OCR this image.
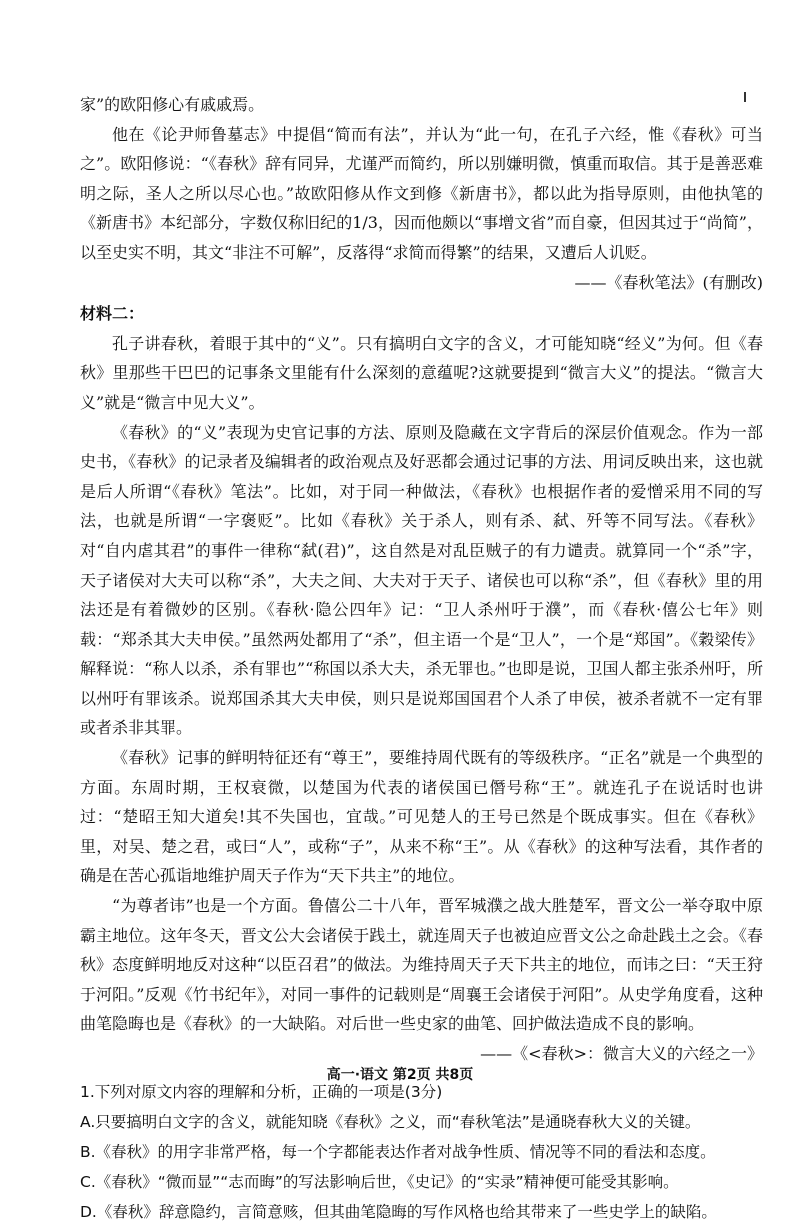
家”的欧阳修心有戚戚焉。

他在《论尹师鲁墓志》中提倡“简而有法”，并认为“此一句，在孔子六经，惟《春秋》可当之”。欧阳修说：“《春秋》辞有同异，尤谨严而简约，所以别嫌明微，慎重而取信。其于是善恶难明之际，圣人之所以尽心也。”故欧阳修从作文到修《新唐书》，都以此为指导原则，由他执笔的《新唐书》本纪部分，字数仅称旧纪的1/3，因而他颇以“事增文省”而自豪，但因其过于“尚简”，以至史实不明，其文“非注不可解”，反落得“求简而得繁”的结果，又遭后人讥贬。

——《春秋笔法》(有删改)

材料二：

孔子讲春秋，着眼于其中的“义”。只有搞明白文字的含义，才可能知晓“经义”为何。但《春秋》里那些干巴巴的记事条文里能有什么深刻的意蕴呢?这就要提到“微言大义”的提法。“微言大义”就是“微言中见大义”。

《春秋》的“义”表现为史官记事的方法、原则及隐藏在文字背后的深层价值观念。作为一部史书，《春秋》的记录者及编辑者的政治观点及好恶都会通过记事的方法、用词反映出来，这也就是后人所谓“《春秋》笔法”。比如，对于同一种做法，《春秋》也根据作者的爱憎采用不同的写法，也就是所谓“一字褒贬”。比如《春秋》关于杀人，则有杀、弑、歼等不同写法。《春秋》对“自内虐其君”的事件一律称“弑(君)”，这自然是对乱臣贼子的有力谴责。就算同一个“杀”字，天子诸侯对大夫可以称“杀”，大夫之间、大夫对于天子、诸侯也可以称“杀”，但《春秋》里的用法还是有着微妙的区别。《春秋·隐公四年》记：“卫人杀州吁于濮”，而《春秋·僖公七年》则载：“郑杀其大夫申侯。”虽然两处都用了“杀”，但主语一个是“卫人”，一个是“郑国”。《穀梁传》解释说：“称人以杀，杀有罪也”“称国以杀大夫，杀无罪也。”也即是说，卫国人都主张杀州吁，所以州吁有罪该杀。说郑国杀其大夫申侯，则只是说郑国国君个人杀了申侯，被杀者就不一定有罪或者杀非其罪。

《春秋》记事的鲜明特征还有“尊王”，要维持周代既有的等级秩序。“正名”就是一个典型的方面。东周时期，王权衰微，以楚国为代表的诸侯国已僭号称“王”。就连孔子在说话时也讲过：“楚昭王知大道矣!其不失国也，宜哉。”可见楚人的王号已然是个既成事实。但在《春秋》里，对吴、楚之君，或曰“人”，或称“子”，从来不称“王”。从《春秋》的这种写法看，其作者的确是在苦心孤诣地维护周天子作为“天下共主”的地位。

“为尊者讳”也是一个方面。鲁僖公二十八年，晋军城濮之战大胜楚军，晋文公一举夺取中原霸主地位。这年冬天，晋文公大会诸侯于践土，就连周天子也被迫应晋文公之命赴践土之会。《春秋》态度鲜明地反对这种“以臣召君”的做法。为维持周天子天下共主的地位，而讳之曰：“天王狩于河阳。”反观《竹书纪年》，对同一事件的记载则是“周襄王会诸侯于河阳”。从史学角度看，这种曲笔隐晦也是《春秋》的一大缺陷。对后世一些史家的曲笔、回护做法造成不良的影响。

——《<春秋>：微言大义的六经之一》

1.下列对原文内容的理解和分析，正确的一项是(3分)

A.只要搞明白文字的含义，就能知晓《春秋》之义，而“春秋笔法”是通晓春秋大义的关键。

B.《春秋》的用字非常严格，每一个字都能表达作者对战争性质、情况等不同的看法和态度。

C.《春秋》“微而显”“志而晦”的写法影响后世，《史记》的“实录”精神便可能受其影响。

D.《春秋》辞意隐约，言简意赅，但其曲笔隐晦的写作风格也给其带来了一些史学上的缺陷。

高一·语文 第2页 共8页
